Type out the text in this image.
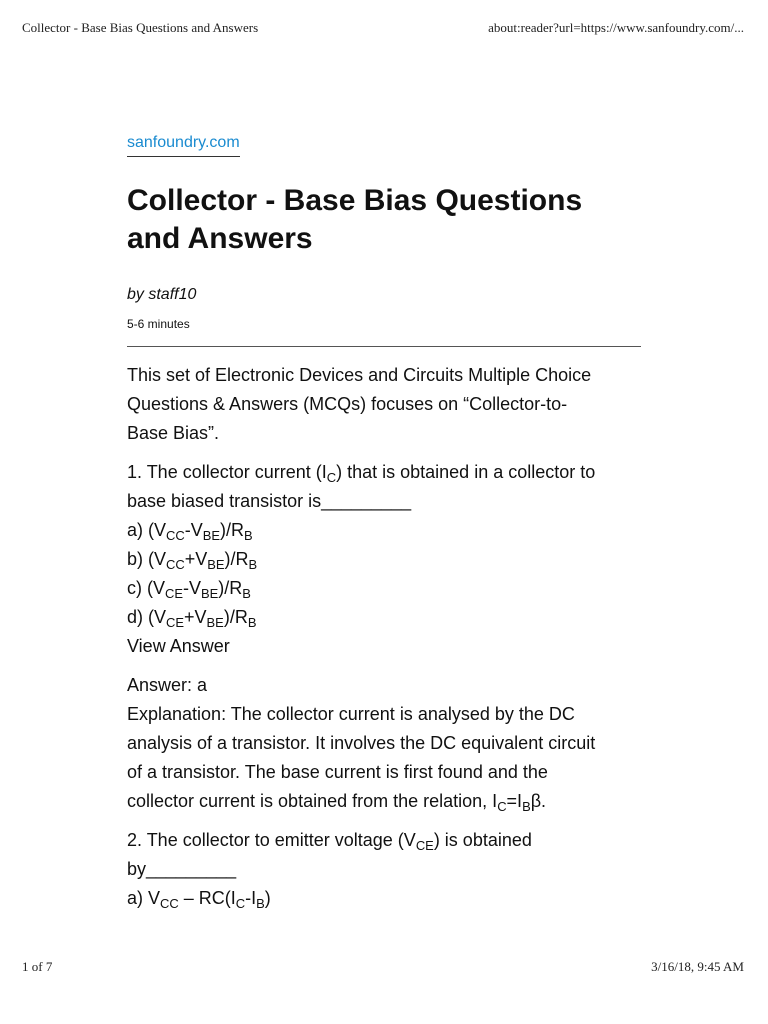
Collector - Base Bias Questions and Answers	about:reader?url=https://www.sanfoundry.com/...
sanfoundry.com
Collector - Base Bias Questions and Answers
by staff10
5-6 minutes

This set of Electronic Devices and Circuits Multiple Choice
Questions & Answers (MCQs) focuses on “Collector-to-
Base Bias”.

1. The collector current $(I_C)$ that is obtained in a collector to
base biased transistor is_________
a) $(V_{CC}-V_{BE})/R_B$
b) $(V_{CC}+V_{BE})/R_B$
c) $(V_{CE}-V_{BE})/R_B$
d) $(V_{CE}+V_{BE})/R_B$
View Answer

Answer: a
Explanation: The collector current is analysed by the DC
analysis of a transistor. It involves the DC equivalent circuit
of a transistor. The base current is first found and the
collector current is obtained from the relation, $I_C=I_B\beta$.

2. The collector to emitter voltage $(V_{CE})$ is obtained
by_________
a) $V_{CC} - RC(I_C-I_B)$

1 of 7	3/16/18, 9:45 AM
